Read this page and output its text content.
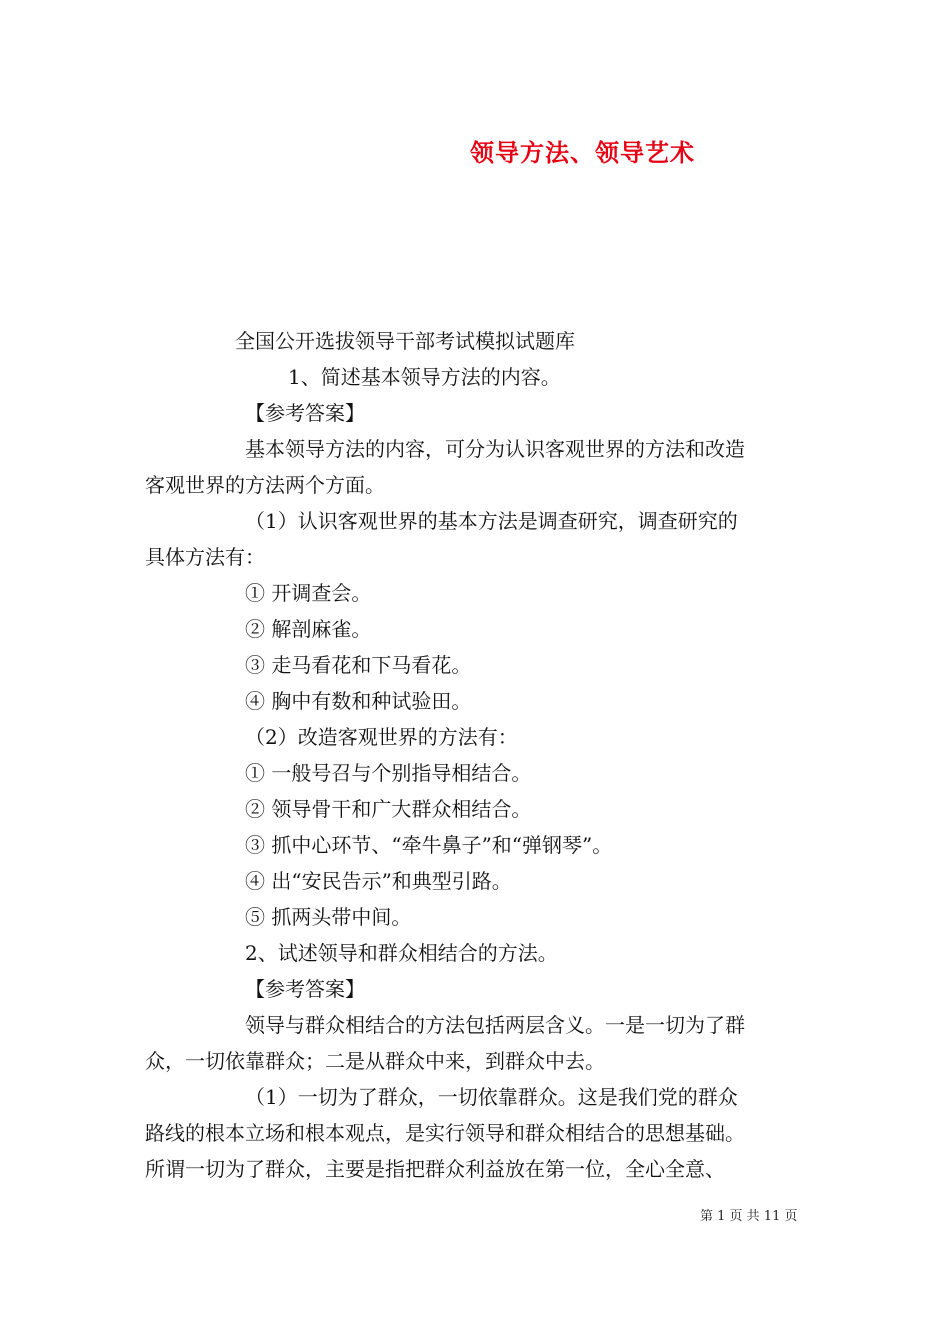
领导方法、领导艺术
全国公开选拔领导干部考试模拟试题库
1、简述基本领导方法的内容。
【参考答案】
基本领导方法的内容，可分为认识客观世界的方法和改造
客观世界的方法两个方面。
（1）认识客观世界的基本方法是调查研究，调查研究的
具体方法有：
① 开调查会。
② 解剖麻雀。
③ 走马看花和下马看花。
④ 胸中有数和种试验田。
（2）改造客观世界的方法有：
① 一般号召与个别指导相结合。
② 领导骨干和广大群众相结合。
③ 抓中心环节、“牵牛鼻子”和“弹钢琴”。
④ 出“安民告示”和典型引路。
⑤ 抓两头带中间。
2、试述领导和群众相结合的方法。
【参考答案】
领导与群众相结合的方法包括两层含义。一是一切为了群
众，一切依靠群众；二是从群众中来，到群众中去。
（1）一切为了群众，一切依靠群众。这是我们党的群众
路线的根本立场和根本观点，是实行领导和群众相结合的思想基础。
所谓一切为了群众，主要是指把群众利益放在第一位，全心全意、
第 1 页 共 11 页
